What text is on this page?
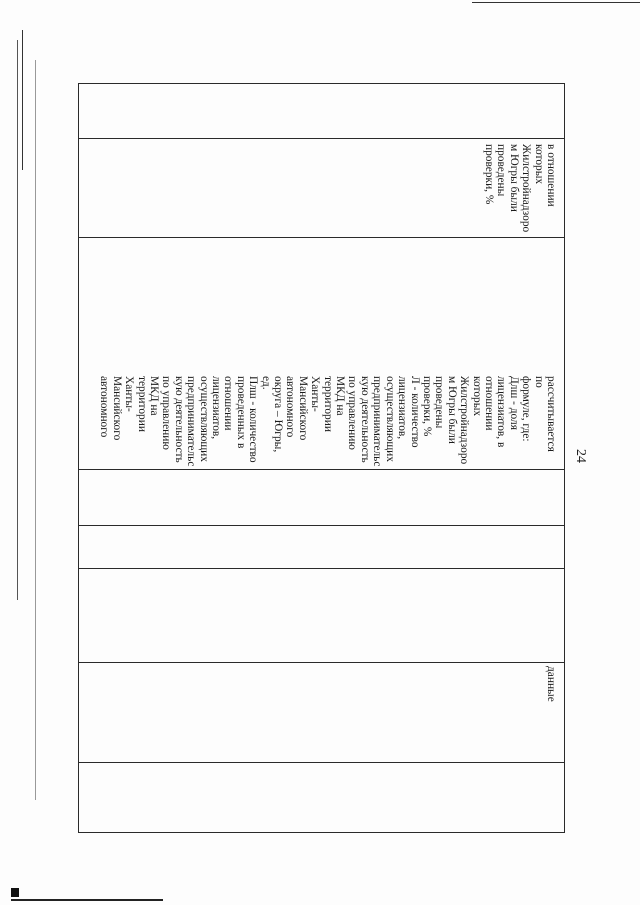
24
в отношении
которых
Жилстройнадзоро
м Югры были
проведены
проверки, %
рассчитывается по
формуле, где:
Длш - доля
лицензиатов, в
отношении
которых
Жилстройнадзоро
м Югры были
проведены
проверки, %
Л - количество
лицензиатов,
осуществляющих
предпринимательс
кую деятельность
по управлению
МКД на
территории
Ханты-
Мансийского
автономного
округа – Югры, ед.
Плш - количество
проведенных в
отношении
лицензиатов,
осуществляющих
предпринимательс
кую деятельность
по управлению
МКД на
территории
Ханты-
Мансийского
автономного
данные
